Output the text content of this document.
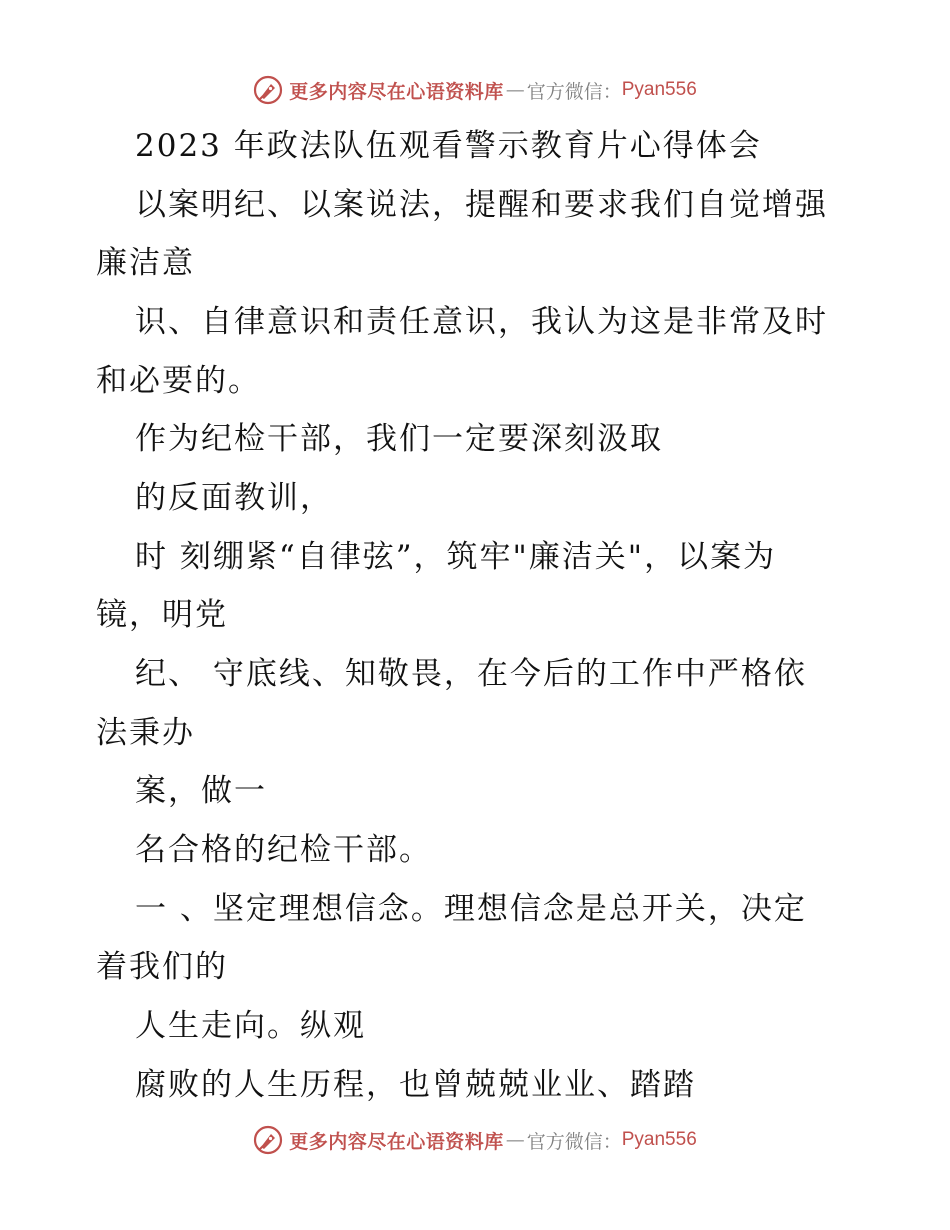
更多内容尽在心语资料库 — 官方微信： Pyan556
2023 年政法队伍观看警示教育片心得体会
以案明纪、以案说法，提醒和要求我们自觉增强
廉洁意
识、自律意识和责任意识，我认为这是非常及时
和必要的。
作为纪检干部，我们一定要深刻汲取
的反面教训，
时 刻绷紧“自律弦”，筑牢"廉洁关"，以案为
镜，明党
纪、 守底线、知敬畏，在今后的工作中严格依
法秉办
案，做一
名合格的纪检干部。
一 、坚定理想信念。理想信念是总开关，决定
着我们的
人生走向。纵观
腐败的人生历程，也曾兢兢业业、踏踏
更多内容尽在心语资料库 — 官方微信： Pyan556
